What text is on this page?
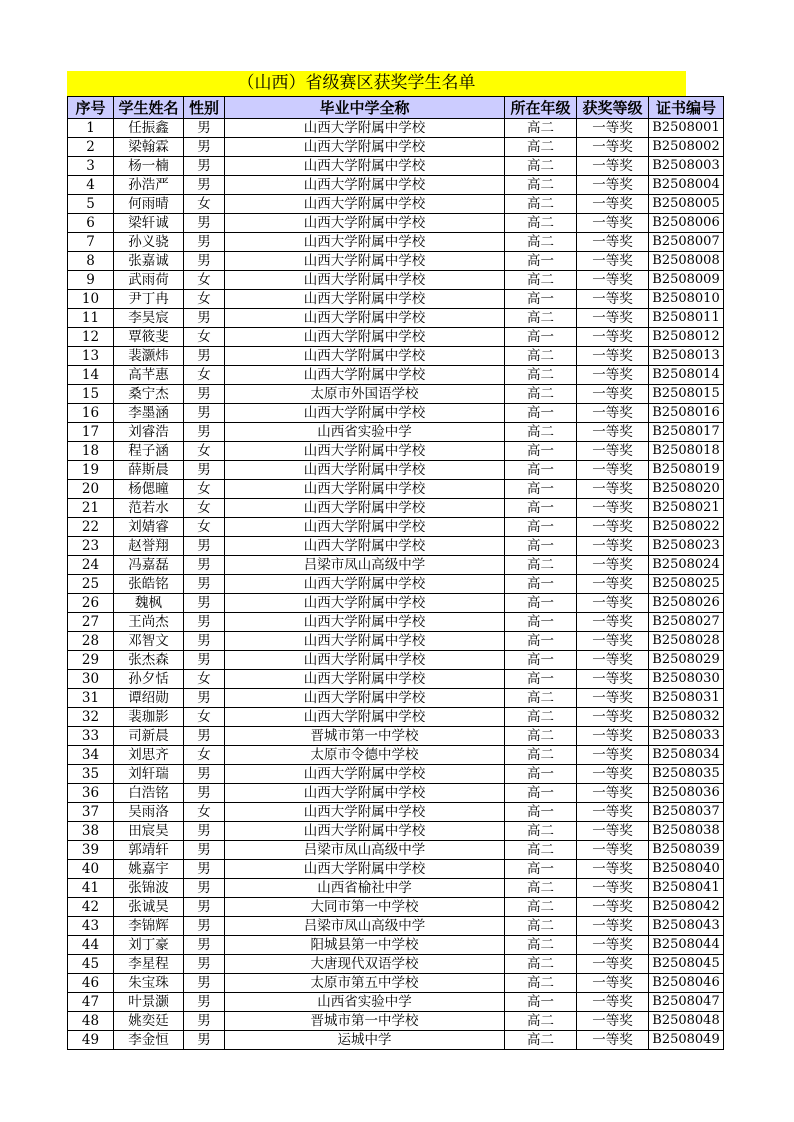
（山西）省级赛区获奖学生名单
序号	学生姓名	性别	毕业中学全称	所在年级	获奖等级	证书编号
1	任振鑫	男	山西大学附属中学校	高二	一等奖	B2508001
2	梁翰霖	男	山西大学附属中学校	高二	一等奖	B2508002
3	杨一楠	男	山西大学附属中学校	高二	一等奖	B2508003
4	孙浩严	男	山西大学附属中学校	高二	一等奖	B2508004
5	何雨晴	女	山西大学附属中学校	高二	一等奖	B2508005
6	梁轩诚	男	山西大学附属中学校	高二	一等奖	B2508006
7	孙义骁	男	山西大学附属中学校	高二	一等奖	B2508007
8	张嘉诚	男	山西大学附属中学校	高一	一等奖	B2508008
9	武雨荷	女	山西大学附属中学校	高二	一等奖	B2508009
10	尹丁冉	女	山西大学附属中学校	高一	一等奖	B2508010
11	李昊宸	男	山西大学附属中学校	高二	一等奖	B2508011
12	覃筱斐	女	山西大学附属中学校	高一	一等奖	B2508012
13	裴灏炜	男	山西大学附属中学校	高二	一等奖	B2508013
14	高芊惠	女	山西大学附属中学校	高二	一等奖	B2508014
15	桑宁杰	男	太原市外国语学校	高二	一等奖	B2508015
16	李墨涵	男	山西大学附属中学校	高一	一等奖	B2508016
17	刘睿浩	男	山西省实验中学	高二	一等奖	B2508017
18	程子涵	女	山西大学附属中学校	高一	一等奖	B2508018
19	薛斯晨	男	山西大学附属中学校	高一	一等奖	B2508019
20	杨偲曈	女	山西大学附属中学校	高一	一等奖	B2508020
21	范若水	女	山西大学附属中学校	高一	一等奖	B2508021
22	刘婧睿	女	山西大学附属中学校	高一	一等奖	B2508022
23	赵誉翔	男	山西大学附属中学校	高一	一等奖	B2508023
24	冯嘉磊	男	吕梁市凤山高级中学	高二	一等奖	B2508024
25	张皓铭	男	山西大学附属中学校	高一	一等奖	B2508025
26	魏枫	男	山西大学附属中学校	高一	一等奖	B2508026
27	王尚杰	男	山西大学附属中学校	高一	一等奖	B2508027
28	邓智文	男	山西大学附属中学校	高一	一等奖	B2508028
29	张杰森	男	山西大学附属中学校	高一	一等奖	B2508029
30	孙夕恬	女	山西大学附属中学校	高一	一等奖	B2508030
31	谭绍勋	男	山西大学附属中学校	高二	一等奖	B2508031
32	裴珈影	女	山西大学附属中学校	高二	一等奖	B2508032
33	司新晨	男	晋城市第一中学校	高二	一等奖	B2508033
34	刘思齐	女	太原市令德中学校	高二	一等奖	B2508034
35	刘轩瑞	男	山西大学附属中学校	高一	一等奖	B2508035
36	白浩铭	男	山西大学附属中学校	高一	一等奖	B2508036
37	吴雨洛	女	山西大学附属中学校	高一	一等奖	B2508037
38	田宸昊	男	山西大学附属中学校	高二	一等奖	B2508038
39	郭靖轩	男	吕梁市凤山高级中学	高二	一等奖	B2508039
40	姚嘉宇	男	山西大学附属中学校	高一	一等奖	B2508040
41	张锦波	男	山西省榆社中学	高二	一等奖	B2508041
42	张诚昊	男	大同市第一中学校	高二	一等奖	B2508042
43	李锦辉	男	吕梁市凤山高级中学	高二	一等奖	B2508043
44	刘丁豪	男	阳城县第一中学校	高二	一等奖	B2508044
45	李星程	男	大唐现代双语学校	高二	一等奖	B2508045
46	朱宝珠	男	太原市第五中学校	高二	一等奖	B2508046
47	叶景灏	男	山西省实验中学	高一	一等奖	B2508047
48	姚奕廷	男	晋城市第一中学校	高二	一等奖	B2508048
49	李金恒	男	运城中学	高二	一等奖	B2508049
